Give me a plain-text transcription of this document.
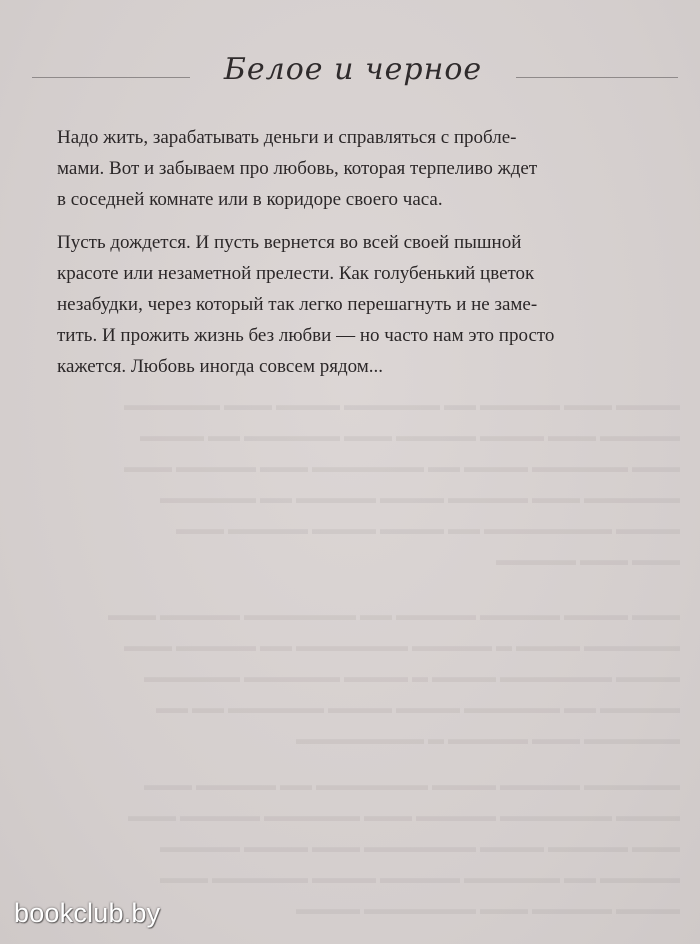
▬▬▬▬ ▬▬▬ ▬▬▬▬▬ ▬▬ ▬▬▬▬▬▬ ▬▬▬▬ ▬▬▬ ▬▬▬▬▬▬
▬▬▬▬▬ ▬▬▬ ▬▬▬▬ ▬▬▬▬▬ ▬▬▬ ▬▬▬▬▬▬ ▬▬ ▬▬▬▬
▬▬▬ ▬▬▬▬▬▬ ▬▬▬▬ ▬▬ ▬▬▬▬▬▬▬ ▬▬▬ ▬▬▬▬▬ ▬▬▬
▬▬▬▬▬▬ ▬▬▬ ▬▬▬▬▬ ▬▬▬▬ ▬▬▬▬▬ ▬▬ ▬▬▬▬▬▬
▬▬▬▬ ▬▬▬▬▬▬▬▬ ▬▬ ▬▬▬▬ ▬▬▬▬ ▬▬▬▬▬ ▬▬▬
▬▬▬ ▬▬▬ ▬▬▬▬▬
▬▬▬ ▬▬▬▬ ▬▬▬▬▬ ▬▬▬▬▬ ▬▬ ▬▬▬▬▬▬▬ ▬▬▬▬▬ ▬▬▬
▬▬▬▬▬▬ ▬▬▬▬ ▬ ▬▬▬▬▬ ▬▬▬▬▬▬▬ ▬▬ ▬▬▬▬▬ ▬▬▬
▬▬▬▬ ▬▬▬▬▬▬▬ ▬▬▬▬ ▬ ▬▬▬▬ ▬▬▬▬▬▬ ▬▬▬▬▬▬
▬▬▬▬▬ ▬▬ ▬▬▬▬▬▬ ▬▬▬▬ ▬▬▬▬ ▬▬▬▬▬▬ ▬▬ ▬▬
▬▬▬▬▬▬ ▬▬▬ ▬▬▬▬▬ ▬ ▬▬▬▬▬▬▬▬
▬▬▬▬▬▬ ▬▬▬▬▬ ▬▬▬▬ ▬▬▬▬▬▬▬ ▬▬ ▬▬▬▬▬ ▬▬▬
▬▬▬▬ ▬▬▬▬▬▬▬ ▬▬▬▬▬ ▬▬▬ ▬▬▬▬▬▬ ▬▬▬▬▬ ▬▬▬
▬▬▬ ▬▬▬▬▬ ▬▬▬▬ ▬▬▬▬▬▬▬ ▬▬▬ ▬▬▬▬ ▬▬▬▬▬
▬▬▬▬▬ ▬▬ ▬▬▬▬▬▬ ▬▬▬▬▬ ▬▬▬▬ ▬▬▬▬▬▬ ▬▬▬
▬▬▬▬ ▬▬▬▬▬ ▬▬▬ ▬▬▬▬▬▬▬ ▬▬▬▬
Белое и черное

Надо жить, зарабатывать деньги и справляться с пробле-
мами. Вот и забываем про любовь, которая терпеливо ждет
в соседней комнате или в коридоре своего часа.

Пусть дождется. И пусть вернется во всей своей пышной
красоте или незаметной прелести. Как голубенький цветок
незабудки, через который так легко перешагнуть и не заме-
тить. И прожить жизнь без любви — но часто нам это просто
кажется. Любовь иногда совсем рядом...

bookclub.by
